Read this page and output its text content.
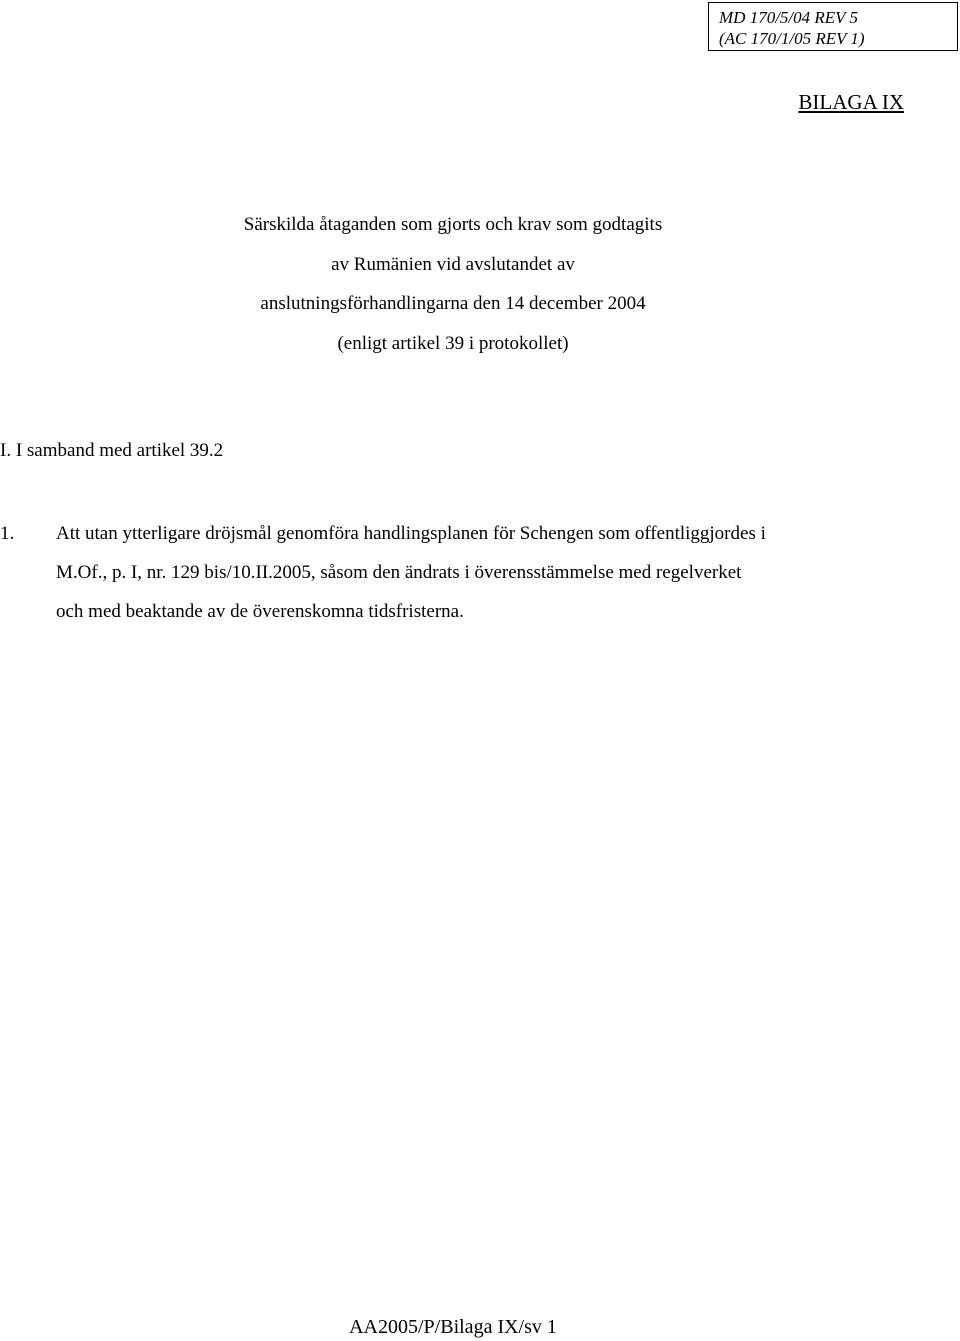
MD 170/5/04 REV 5
(AC 170/1/05 REV 1)
BILAGA IX
Särskilda åtaganden som gjorts och krav som godtagits
av Rumänien vid avslutandet av
anslutningsförhandlingarna den 14 december 2004
(enligt artikel 39 i protokollet)
I. I samband med artikel 39.2
1.	Att utan ytterligare dröjsmål genomföra handlingsplanen för Schengen som offentliggjordes i
M.Of., p. I, nr. 129 bis/10.II.2005, såsom den ändrats i överensstämmelse med regelverket
och med beaktande av de överenskomna tidsfristerna.
AA2005/P/Bilaga IX/sv 1
